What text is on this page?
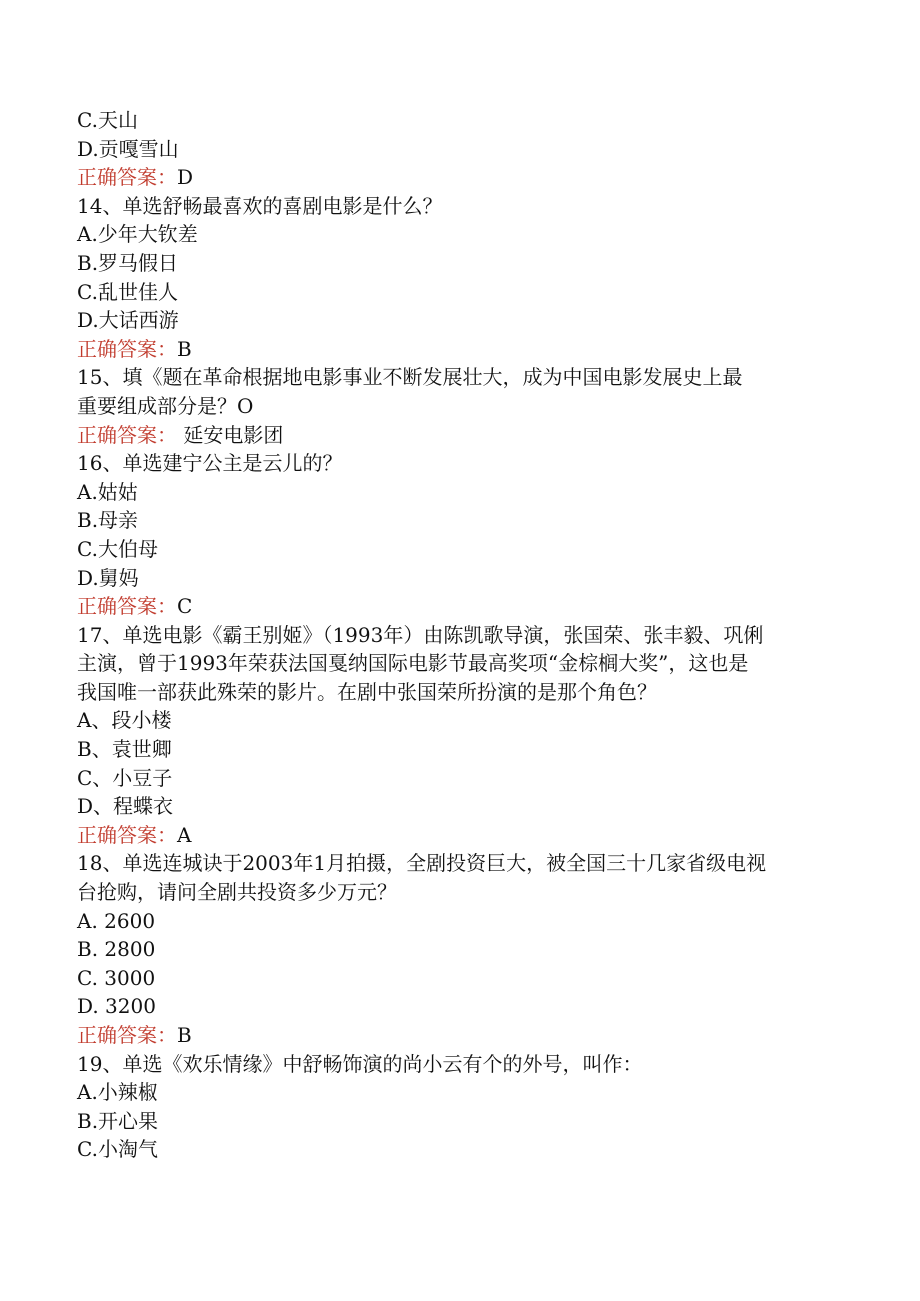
C.天山
D.贡嘎雪山
正确答案：D
14、单选舒畅最喜欢的喜剧电影是什么？
A.少年大钦差
B.罗马假日
C.乱世佳人
D.大话西游
正确答案：B
15、填《题在革命根据地电影事业不断发展壮大，成为中国电影发展史上最
重要组成部分是？O
正确答案： 延安电影团
16、单选建宁公主是云儿的？
A.姑姑
B.母亲
C.大伯母
D.舅妈
正确答案：C
17、单选电影《霸王别姬》（1993年）由陈凯歌导演，张国荣、张丰毅、巩俐
主演，曾于1993年荣获法国戛纳国际电影节最高奖项“金棕榈大奖”，这也是
我国唯一部获此殊荣的影片。在剧中张国荣所扮演的是那个角色？
A、段小楼
B、袁世卿
C、小豆子
D、程蝶衣
正确答案：A
18、单选连城诀于2003年1月拍摄，全剧投资巨大，被全国三十几家省级电视
台抢购，请问全剧共投资多少万元？
A. 2600
B. 2800
C. 3000
D. 3200
正确答案：B
19、单选《欢乐情缘》中舒畅饰演的尚小云有个的外号，叫作：
A.小辣椒
B.开心果
C.小淘气
